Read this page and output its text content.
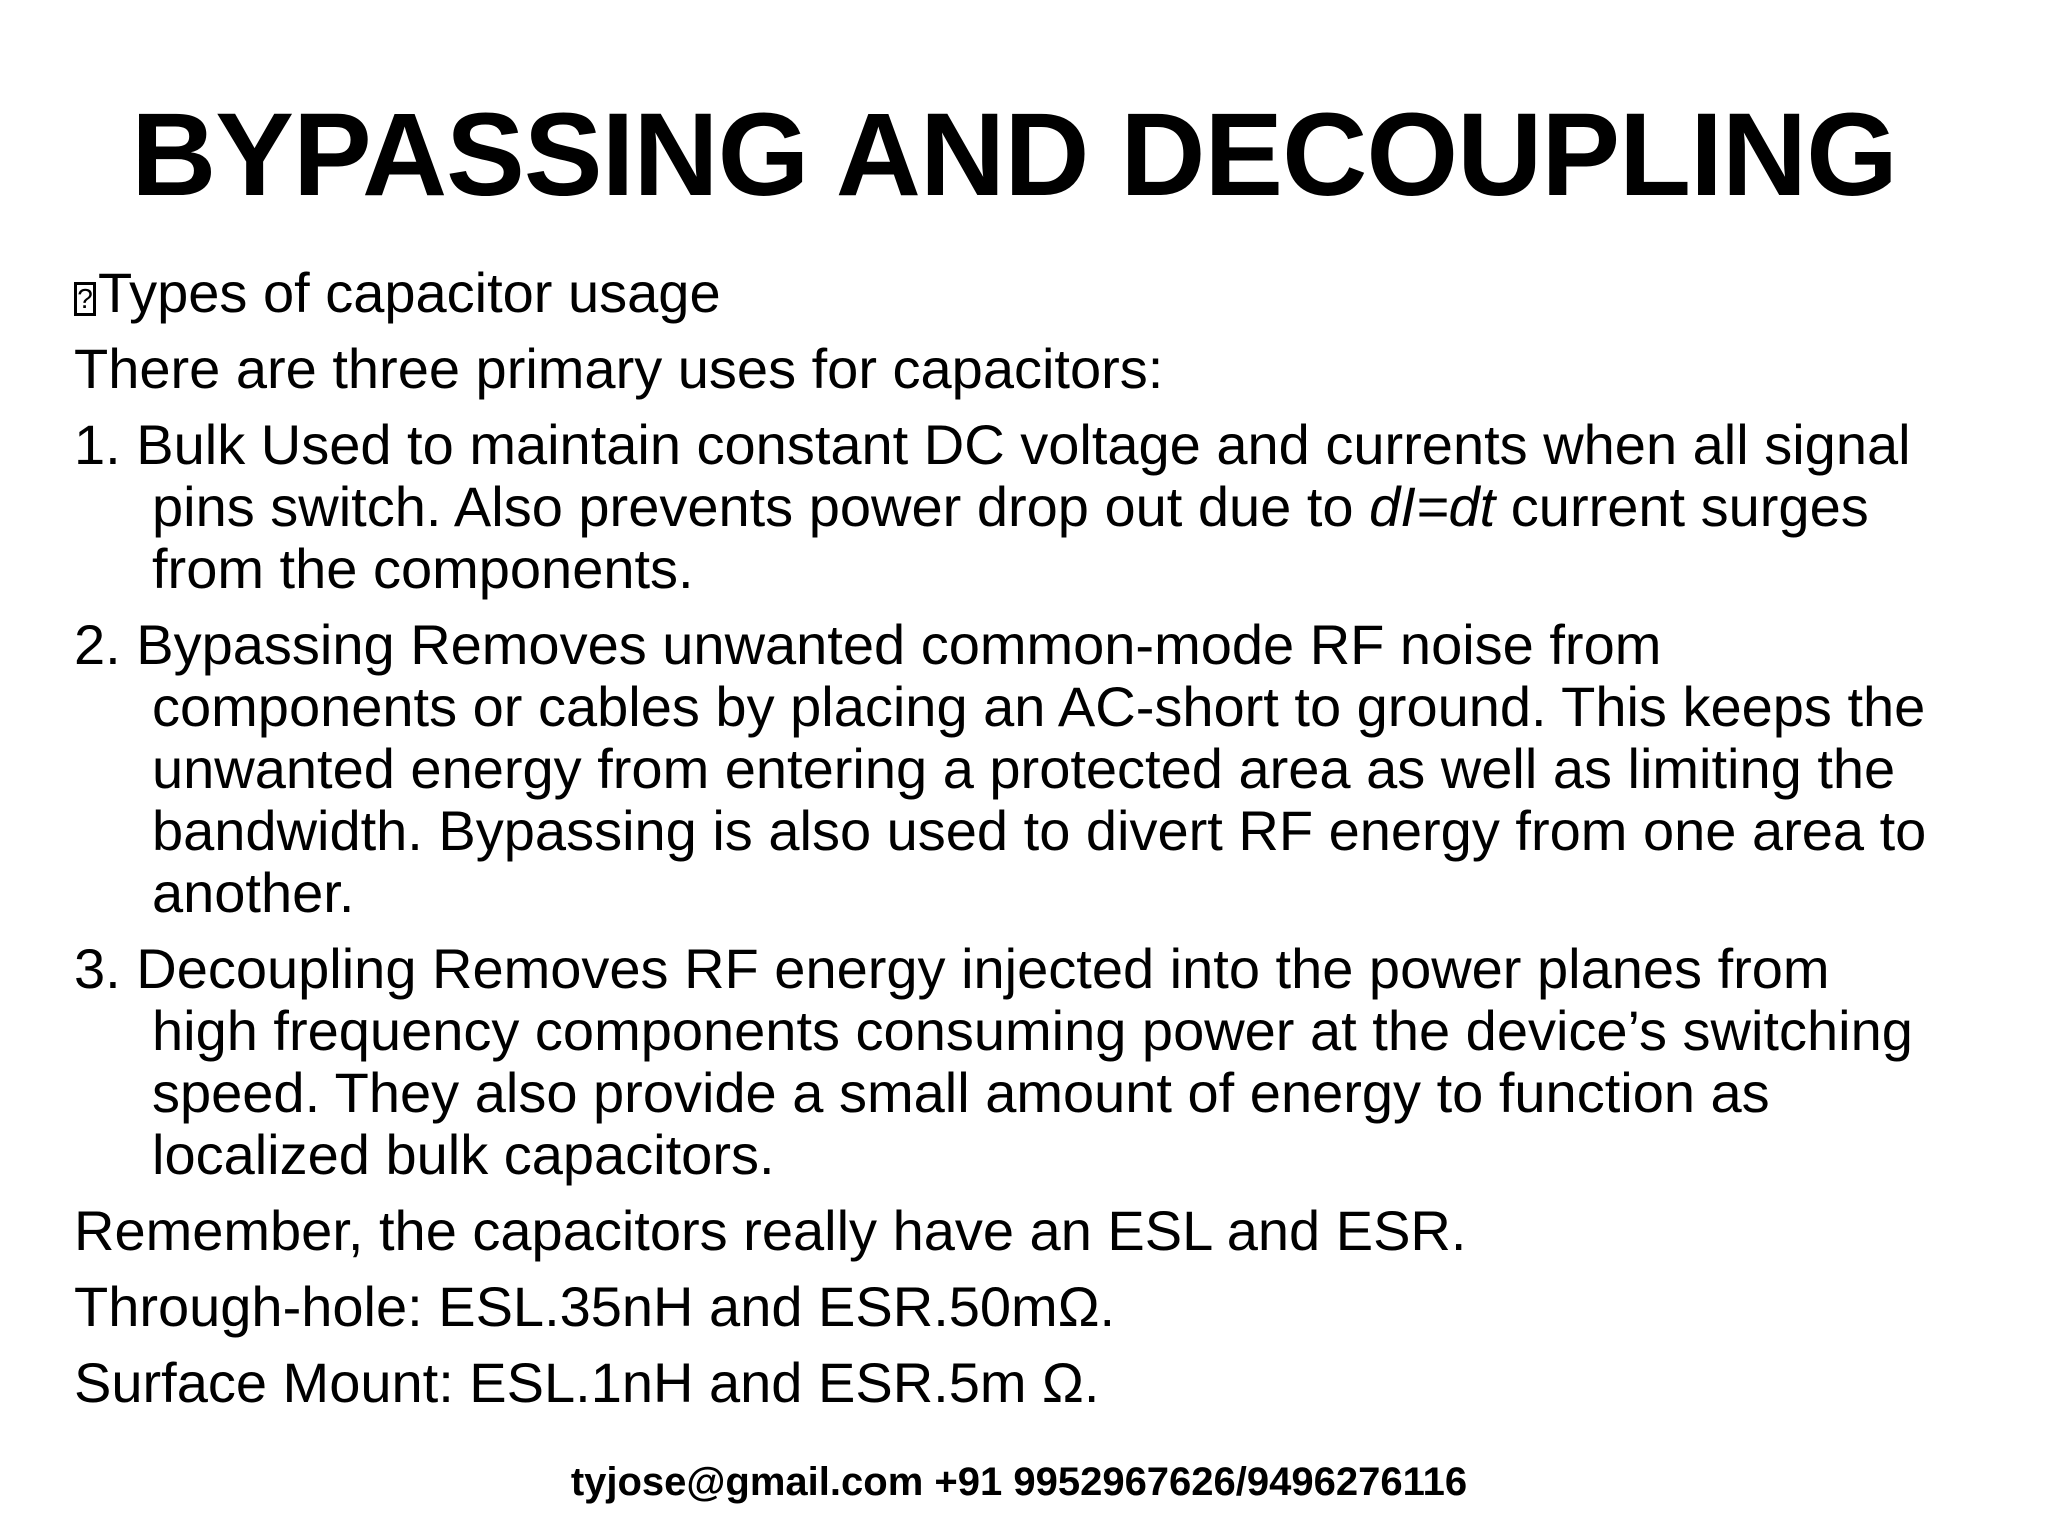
BYPASSING AND DECOUPLING
?Types of capacitor usage
There are three primary uses for capacitors:
1. Bulk Used to maintain constant DC voltage and currents when all signal
pins switch. Also prevents power drop out due to dI=dt current surges
from the components.
2. Bypassing Removes unwanted common-mode RF noise from
components or cables by placing an AC-short to ground. This keeps the
unwanted energy from entering a protected area as well as limiting the
bandwidth. Bypassing is also used to divert RF energy from one area to
another.
3. Decoupling Removes RF energy injected into the power planes from
high frequency components consuming power at the device’s switching
speed. They also provide a small amount of energy to function as
localized bulk capacitors.
Remember, the capacitors really have an ESL and ESR.
Through-hole: ESL.35nH and ESR.50mΩ.
Surface Mount: ESL.1nH and ESR.5m Ω.
tyjose@gmail.com +91 9952967626/9496276116
